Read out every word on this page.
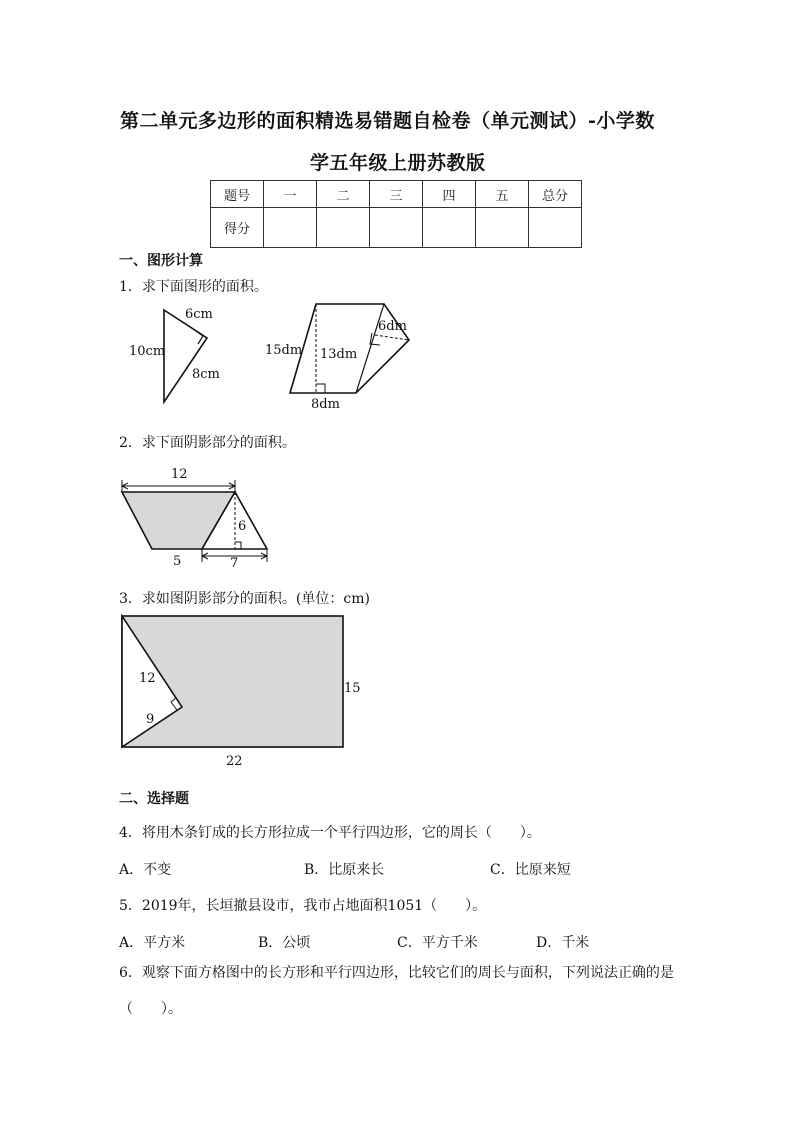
第二单元多边形的面积精选易错题自检卷（单元测试）-小学数
学五年级上册苏教版
题号	一	二	三	四	五	总分
得分						
一、图形计算
1．求下面图形的面积。
6cm
10cm
8cm
15dm 13dm
6dm
8dm
2．求下面阴影部分的面积。
12
6
5	7
3．求如图阴影部分的面积。(单位：cm)
12
9
15
22
二、选择题
4．将用木条钉成的长方形拉成一个平行四边形，它的周长（　　）。
A．不变	B．比原来长	C．比原来短
5．2019年，长垣撤县设市，我市占地面积1051（　　）。
A．平方米	B．公顷	C．平方千米	D．千米
6．观察下面方格图中的长方形和平行四边形，比较它们的周长与面积，下列说法正确的是
（　　）。
